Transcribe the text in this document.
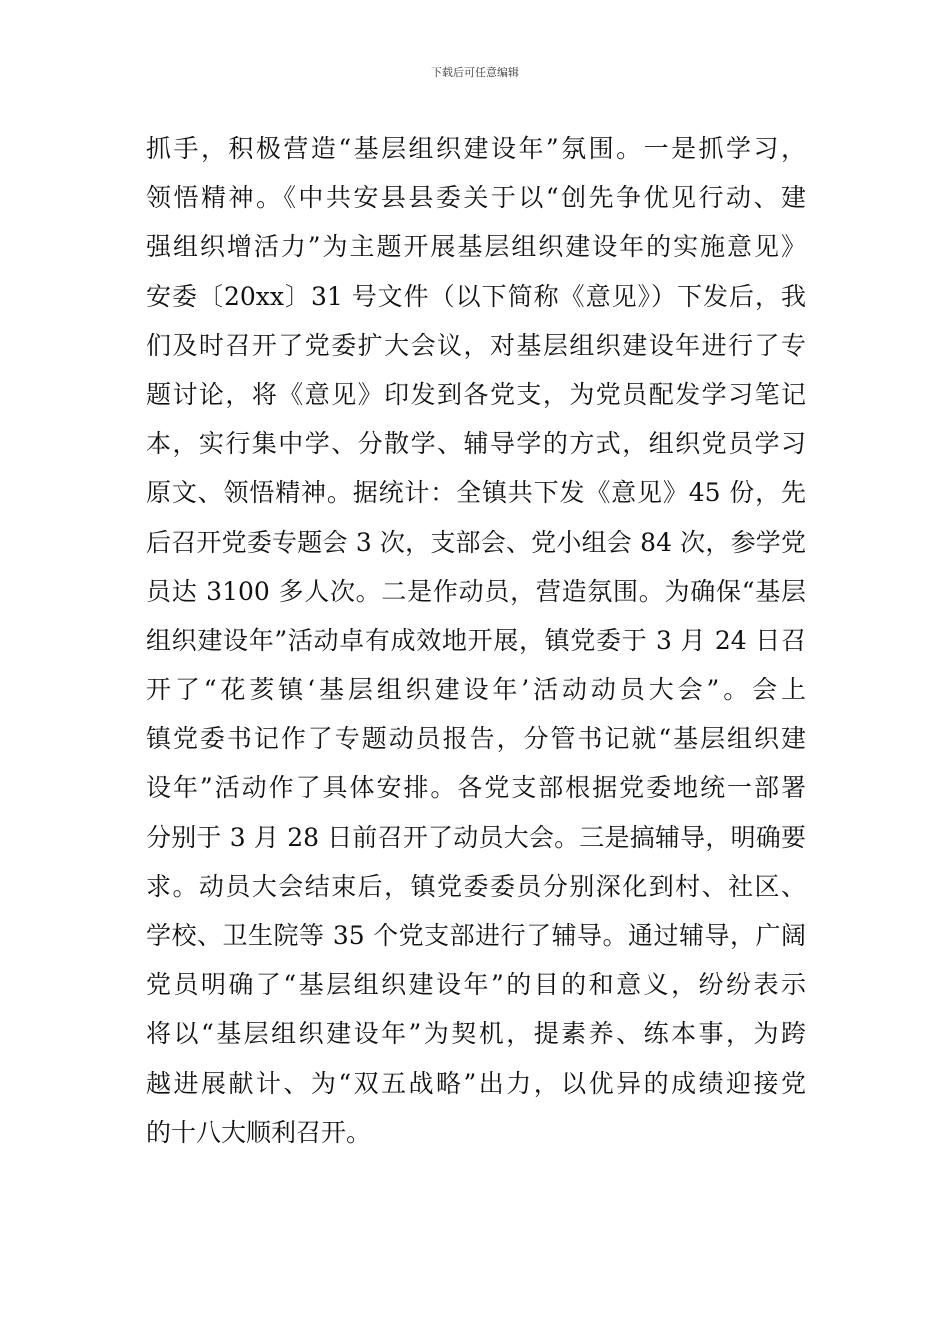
下载后可任意编辑
抓手，积极营造“基层组织建设年”氛围。一是抓学习，
领悟精神。《中共安县县委关于以“创先争优见行动、建
强组织增活力”为主题开展基层组织建设年的实施意见》
安委〔20xx〕31 号文件（以下简称《意见》）下发后，我
们及时召开了党委扩大会议，对基层组织建设年进行了专
题讨论，将《意见》印发到各党支，为党员配发学习笔记
本，实行集中学、分散学、辅导学的方式，组织党员学习
原文、领悟精神。据统计：全镇共下发《意见》45 份，先
后召开党委专题会 3 次，支部会、党小组会 84 次，参学党
员达 3100 多人次。二是作动员，营造氛围。为确保“基层
组织建设年”活动卓有成效地开展，镇党委于 3 月 24 日召
开了“花荄镇‘基层组织建设年’活动动员大会”。会上
镇党委书记作了专题动员报告，分管书记就“基层组织建
设年”活动作了具体安排。各党支部根据党委地统一部署
分别于 3 月 28 日前召开了动员大会。三是搞辅导，明确要
求。动员大会结束后，镇党委委员分别深化到村、社区、
学校、卫生院等 35 个党支部进行了辅导。通过辅导，广阔
党员明确了“基层组织建设年”的目的和意义，纷纷表示
将以“基层组织建设年”为契机，提素养、练本事，为跨
越进展献计、为“双五战略”出力，以优异的成绩迎接党
的十八大顺利召开。
